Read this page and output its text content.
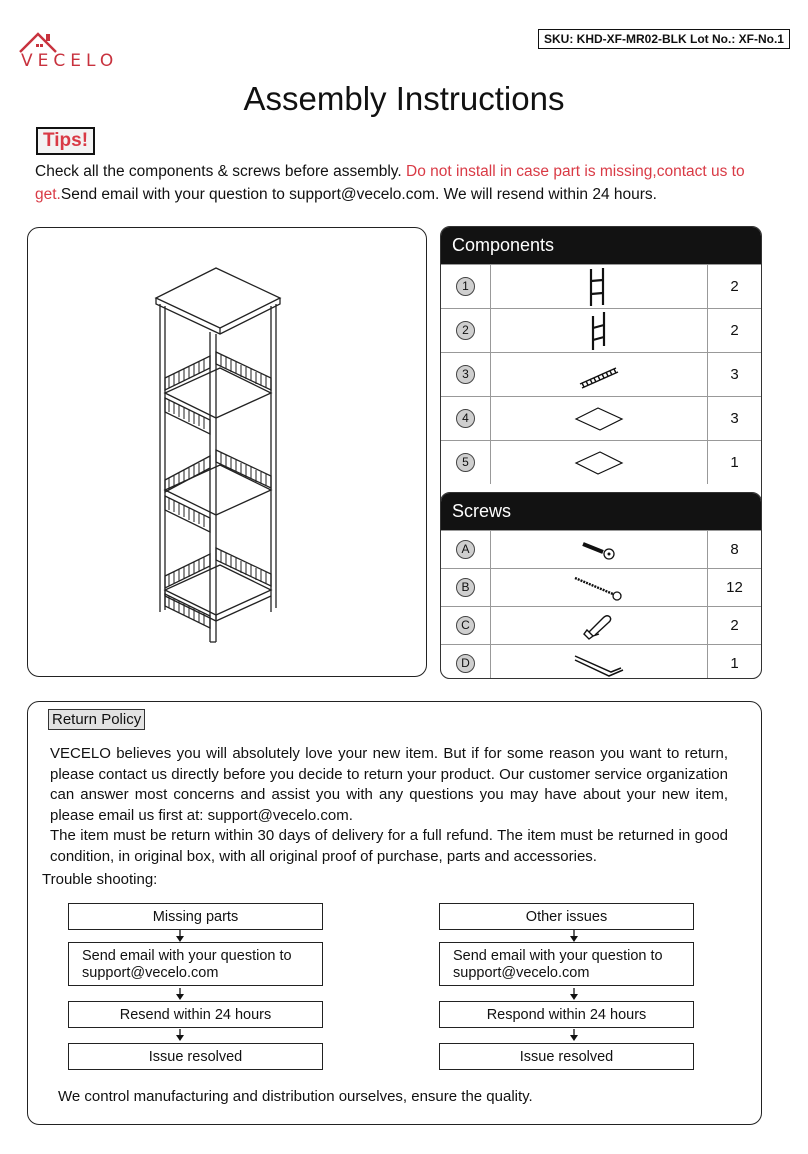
VECELO
SKU: KHD-XF-MR02-BLK Lot No.: XF-No.1
Assembly Instructions
Tips!
Check all the components & screws before assembly. Do not install in case part is missing,contact us to get.Send email with your question to support@vecelo.com. We will resend within 24 hours.
Components
1	2
2	2
3	3
4	3
5	1
Screws
A	8
B	12
C	2
D	1
Return Policy

VECELO believes you will absolutely love your new item. But if for some reason you want to return, please contact us directly before you decide to return your product. Our customer service organization can answer most concerns and assist you with any questions you may have about your new item, please email us first at: support@vecelo.com.

The item must be return within 30 days of delivery for a full refund. The item must be returned in good condition, in original box, with all original proof of purchase, parts and accessories.

Trouble shooting:
Missing parts
Send email with your question to support@vecelo.com
Resend within 24 hours
Issue resolved
Other issues
Send email with your question to support@vecelo.com
Respond within 24 hours
Issue resolved
We control manufacturing and distribution ourselves, ensure the quality.
